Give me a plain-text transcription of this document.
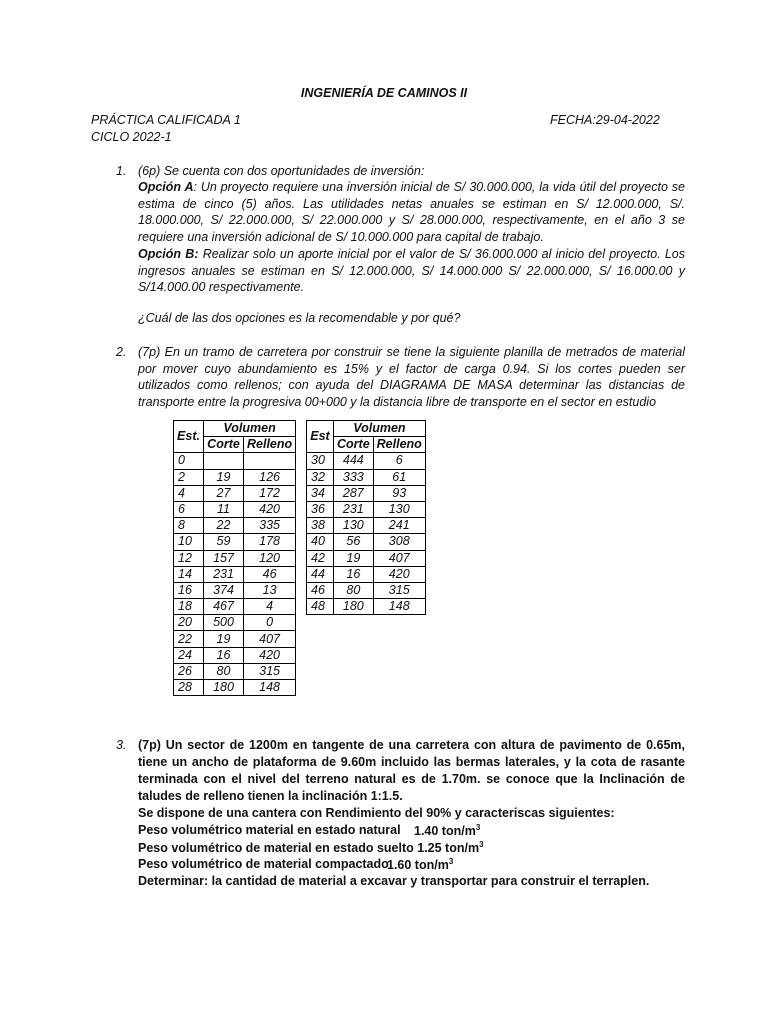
INGENIERÍA DE CAMINOS II
PRÁCTICA CALIFICADA 1	FECHA:29-04-2022
CICLO 2022-1
1. (6p) Se cuenta con dos oportunidades de inversión:
Opción A: Un proyecto requiere una inversión inicial de S/ 30.000.000, la vida útil del proyecto se estima de cinco (5) años. Las utilidades netas anuales se estiman en S/ 12.000.000, S/. 18.000.000, S/ 22.000.000, S/ 22.000.000 y S/ 28.000.000, respectivamente, en el año 3 se requiere una inversión adicional de S/ 10.000.000 para capital de trabajo.
Opción B: Realizar solo un aporte inicial por el valor de S/ 36.000.000 al inicio del proyecto. Los ingresos anuales se estiman en S/ 12.000.000, S/ 14.000.000 S/ 22.000.000, S/ 16.000.00 y S/14.000.00 respectivamente.
¿Cuál de las dos opciones es la recomendable y por qué?
2. (7p) En un tramo de carretera por construir se tiene la siguiente planilla de metrados de material por mover cuyo abundamiento es 15% y el factor de carga 0.94. Si los cortes pueden ser utilizados como rellenos; con ayuda del DIAGRAMA DE MASA determinar las distancias de transporte entre la progresiva 00+000 y la distancia libre de transporte en el sector en estudio
Est.	Volumen	
	Corte	Relleno
0		
2	19	126
4	27	172
6	11	420
8	22	335
10	59	178
12	157	120
14	231	46
16	374	13
18	467	4
20	500	0
22	19	407
24	16	420
26	80	315
28	180	148
Est	Volumen	
	Corte	Relleno
30	444	6
32	333	61
34	287	93
36	231	130
38	130	241
40	56	308
42	19	407
44	16	420
46	80	315
48	180	148
3. (7p) Un sector de 1200m en tangente de una carretera con altura de pavimento de 0.65m, tiene un ancho de plataforma de 9.60m incluido las bermas laterales, y la cota de rasante terminada con el nivel del terreno natural es de 1.70m. se conoce que la Inclinación de taludes de relleno tienen la inclinación 1:1.5.
Se dispone de una cantera con Rendimiento del 90% y caracteriscas siguientes:
Peso volumétrico material en estado natural 1.40 ton/$m^3$
Peso volumétrico de material en estado suelto 1.25 ton/$m^3$
Peso volumétrico de material compactado
1.60 ton/$m^3$
Determinar: la cantidad de material a excavar y transportar para construir el terraplen.
